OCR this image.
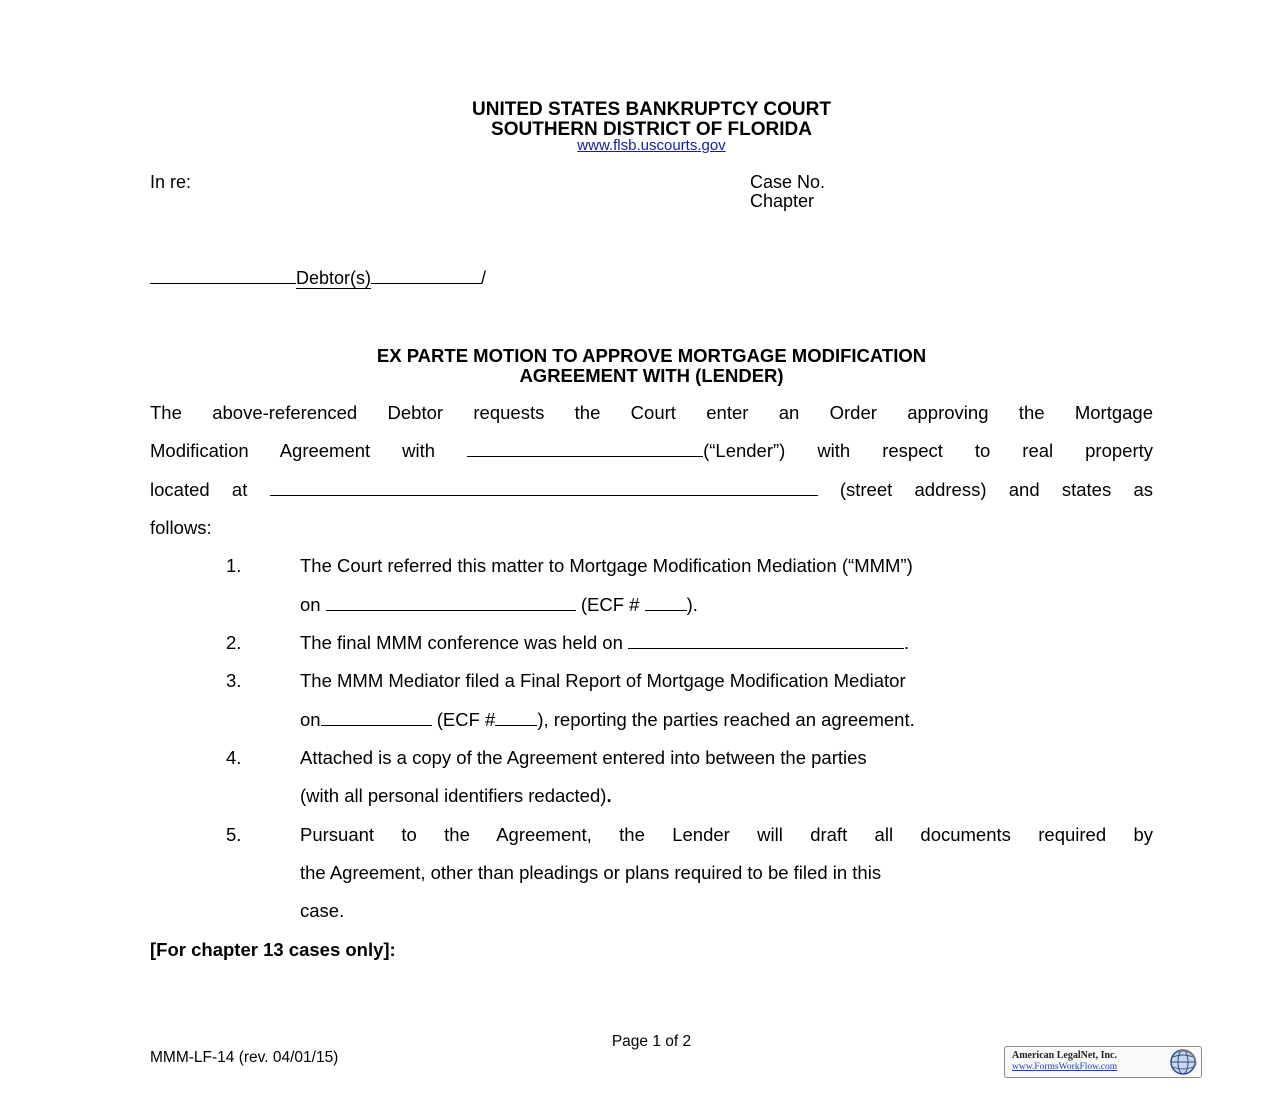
UNITED STATES BANKRUPTCY COURT
SOUTHERN DISTRICT OF FLORIDA
www.flsb.uscourts.gov
In re:	Case No.
Chapter
Debtor(s)	/
EX PARTE MOTION TO APPROVE MORTGAGE MODIFICATION
AGREEMENT WITH (LENDER)
The above-referenced Debtor requests the Court enter an Order approving the Mortgage
Modification Agreement with	(“Lender”) with respect to real property
located at	(street address) and states as
follows:
1.	The Court referred this matter to Mortgage Modification Mediation (“MMM”)
on	(ECF #	).
2.	The final MMM conference was held on	.
3.	The MMM Mediator filed a Final Report of Mortgage Modification Mediator
on	(ECF # ), reporting the parties reached an agreement.
4.	Attached is a copy of the Agreement entered into between the parties
(with all personal identifiers redacted).
5.	Pursuant to the Agreement, the Lender will draft all documents required by
the Agreement, other than pleadings or plans required to be filed in this
case.
[For chapter 13 cases only]:
Page 1 of 2
MMM-LF-14 (rev. 04/01/15)	American LegalNet, Inc.
www.FormsWorkFlow.com
